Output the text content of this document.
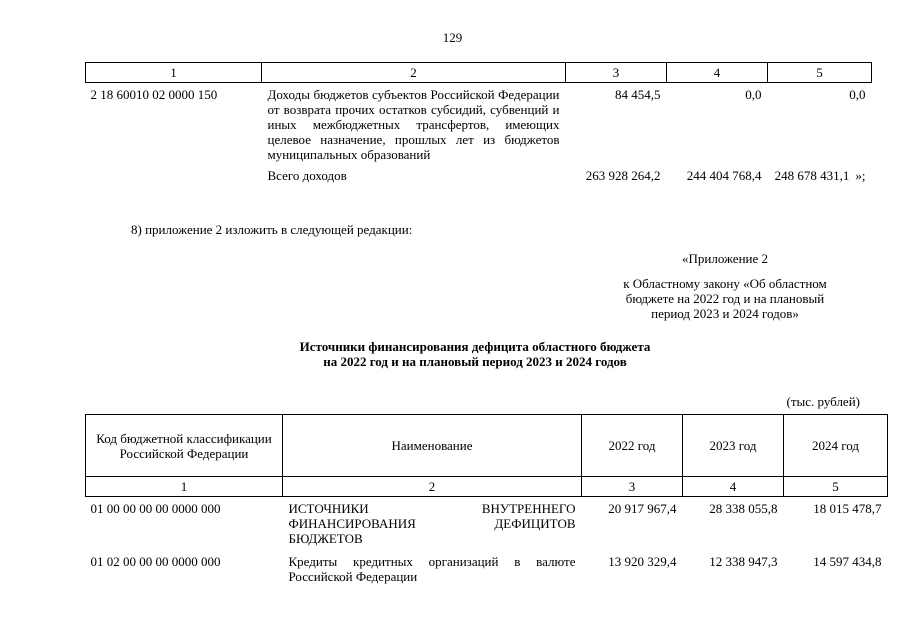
129
1	2	3	4	5
2 18 60010 02 0000 150	Доходы бюджетов субъектов Российской Федерации от возврата прочих остатков субсидий, субвенций и иных межбюджетных трансфертов, имеющих целевое назначение, прошлых лет из бюджетов муниципальных образований	84 454,5	0,0	0,0
	Всего доходов	263 928 264,2	244 404 768,4	248 678 431,1 »;
8) приложение 2 изложить в следующей редакции:
«Приложение 2
к Областному закону «Об областном
бюджете на 2022 год и на плановый
период 2023 и 2024 годов»
Источники финансирования дефицита областного бюджета
на 2022 год и на плановый период 2023 и 2024 годов
(тыс. рублей)
Код бюджетной классификации Российской Федерации	Наименование	2022 год	2023 год	2024 год
1	2	3	4	5
01 00 00 00 00 0000 000	ИСТОЧНИКИ ВНУТРЕННЕГО ФИНАНСИРОВАНИЯ ДЕФИЦИТОВ БЮДЖЕТОВ	20 917 967,4	28 338 055,8	18 015 478,7
01 02 00 00 00 0000 000	Кредиты кредитных организаций в валюте Российской Федерации	13 920 329,4	12 338 947,3	14 597 434,8
